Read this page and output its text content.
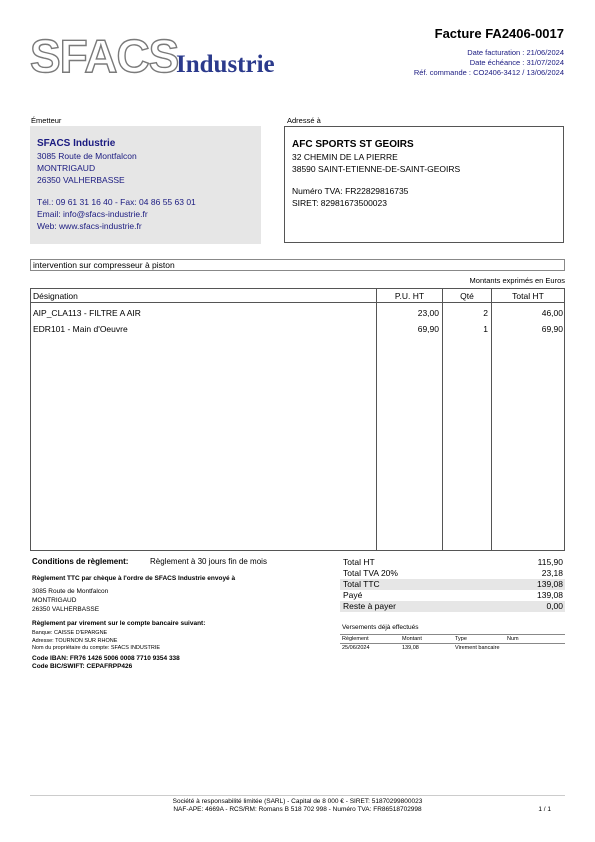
SFACS
Industrie
Facture FA2406-0017
Date facturation : 21/06/2024
Date échéance : 31/07/2024
Réf. commande : CO2406-3412 / 13/06/2024
Émetteur
SFACS Industrie
3085 Route de Montfalcon
MONTRIGAUD
26350 VALHERBASSE
Tél.: 09 61 31 16 40 - Fax: 04 86 55 63 01
Email: info@sfacs-industrie.fr
Web: www.sfacs-industrie.fr
Adressé à
AFC SPORTS ST GEOIRS
32 CHEMIN DE LA PIERRE
38590 SAINT-ETIENNE-DE-SAINT-GEOIRS
Numéro TVA: FR22829816735
SIRET: 82981673500023
intervention sur compresseur à piston
Montants exprimés en Euros
Désignation	P.U. HT	Qté	Total HT
AIP_CLA113 - FILTRE A AIR	23,00	2	46,00
EDR101 - Main d'Oeuvre	69,90	1	69,90
Conditions de règlement:	Règlement à 30 jours fin de mois
Règlement TTC par chèque à l'ordre de SFACS Industrie envoyé à
3085 Route de Montfalcon
MONTRIGAUD
26350 VALHERBASSE
Règlement par virement sur le compte bancaire suivant:
Banque: CAISSE D'EPARGNE
Adresse: TOURNON SUR RHONE
Nom du propriétaire du compte: SFACS INDUSTRIE
Code IBAN: FR76 1426 5006 0008 7710 9354 338
Code BIC/SWIFT: CEPAFRPP426
Total HT	115,90
Total TVA 20%	23,18
Total TTC	139,08
Payé	139,08
Reste à payer	0,00
Versements déjà effectués
Règlement	Montant	Type	Num
25/06/2024	139,08	Virement bancaire
Société à responsabilité limitée (SARL) - Capital de 8 000 € - SIRET: 51870299800023
NAF-APE: 4669A - RCS/RM: Romans B 518 702 998 - Numéro TVA: FR86518702998	1 / 1
